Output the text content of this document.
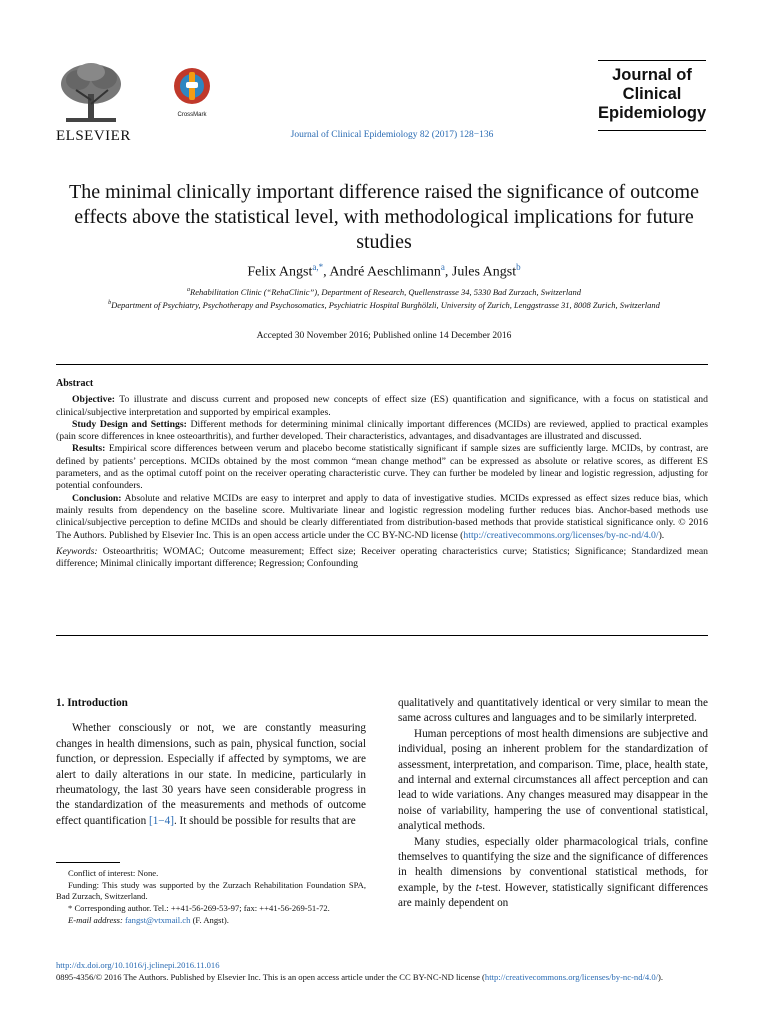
ELSEVIER
CrossMark
Journal of Clinical Epidemiology 82 (2017) 128−136
Journal of
Clinical
Epidemiology
The minimal clinically important difference raised the significance of outcome effects above the statistical level, with methodological implications for future studies
Felix Angst$^{a,*}$, André Aeschlimann$^a$, Jules Angst$^b$
$^a$Rehabilitation Clinic (“RehaClinic”), Department of Research, Quellenstrasse 34, 5330 Bad Zurzach, Switzerland
$^b$Department of Psychiatry, Psychotherapy and Psychosomatics, Psychiatric Hospital Burghölzli, University of Zurich, Lenggstrasse 31, 8008 Zurich, Switzerland
Accepted 30 November 2016; Published online 14 December 2016
Abstract

Objective: To illustrate and discuss current and proposed new concepts of effect size (ES) quantification and significance, with a focus on statistical and clinical/subjective interpretation and supported by empirical examples.

Study Design and Settings: Different methods for determining minimal clinically important differences (MCIDs) are reviewed, applied to practical examples (pain score differences in knee osteoarthritis), and further developed. Their characteristics, advantages, and disadvantages are illustrated and discussed.

Results: Empirical score differences between verum and placebo become statistically significant if sample sizes are sufficiently large. MCIDs, by contrast, are defined by patients’ perceptions. MCIDs obtained by the most common “mean change method” can be expressed as absolute or relative scores, as different ES parameters, and as the optimal cutoff point on the receiver operating characteristic curve. They can further be modeled by linear and logistic regression, adjusting for potential confounders.

Conclusion: Absolute and relative MCIDs are easy to interpret and apply to data of investigative studies. MCIDs expressed as effect sizes reduce bias, which mainly results from dependency on the baseline score. Multivariate linear and logistic regression modeling further reduces bias. Anchor-based methods use clinical/subjective perception to define MCIDs and should be clearly differentiated from distribution-based methods that provide statistical significance only. © 2016 The Authors. Published by Elsevier Inc. This is an open access article under the CC BY-NC-ND license (http://creativecommons.org/licenses/by-nc-nd/4.0/).

Keywords: Osteoarthritis; WOMAC; Outcome measurement; Effect size; Receiver operating characteristics curve; Statistics; Significance; Standardized mean difference; Minimal clinically important difference; Regression; Confounding

1. Introduction

Whether consciously or not, we are constantly measuring changes in health dimensions, such as pain, physical function, social function, or depression. Especially if affected by symptoms, we are alert to daily alterations in our state. In medicine, particularly in rheumatology, the last 30 years have seen considerable progress in the standardization of the measurements and methods of outcome effect quantification [1−4]. It should be possible for results that are

Conflict of interest: None.

Funding: This study was supported by the Zurzach Rehabilitation Foundation SPA, Bad Zurzach, Switzerland.

* Corresponding author. Tel.: ++41-56-269-53-97; fax: ++41-56-269-51-72.

E-mail address: fangst@vtxmail.ch (F. Angst).

qualitatively and quantitatively identical or very similar to mean the same across cultures and languages and to be similarly interpreted.

Human perceptions of most health dimensions are subjective and individual, posing an inherent problem for the standardization of assessment, interpretation, and comparison. Time, place, health state, and internal and external circumstances all affect perception and can lead to wide variations. Any changes measured may disappear in the noise of variability, hampering the use of conventional statistical, analytical methods.

Many studies, especially older pharmacological trials, confine themselves to quantifying the size and the significance of differences in health dimensions by conventional statistical methods, for example, by the t-test. However, statistically significant differences are mainly dependent on

http://dx.doi.org/10.1016/j.jclinepi.2016.11.016

0895-4356/© 2016 The Authors. Published by Elsevier Inc. This is an open access article under the CC BY-NC-ND license (http://creativecommons.org/licenses/by-nc-nd/4.0/).
